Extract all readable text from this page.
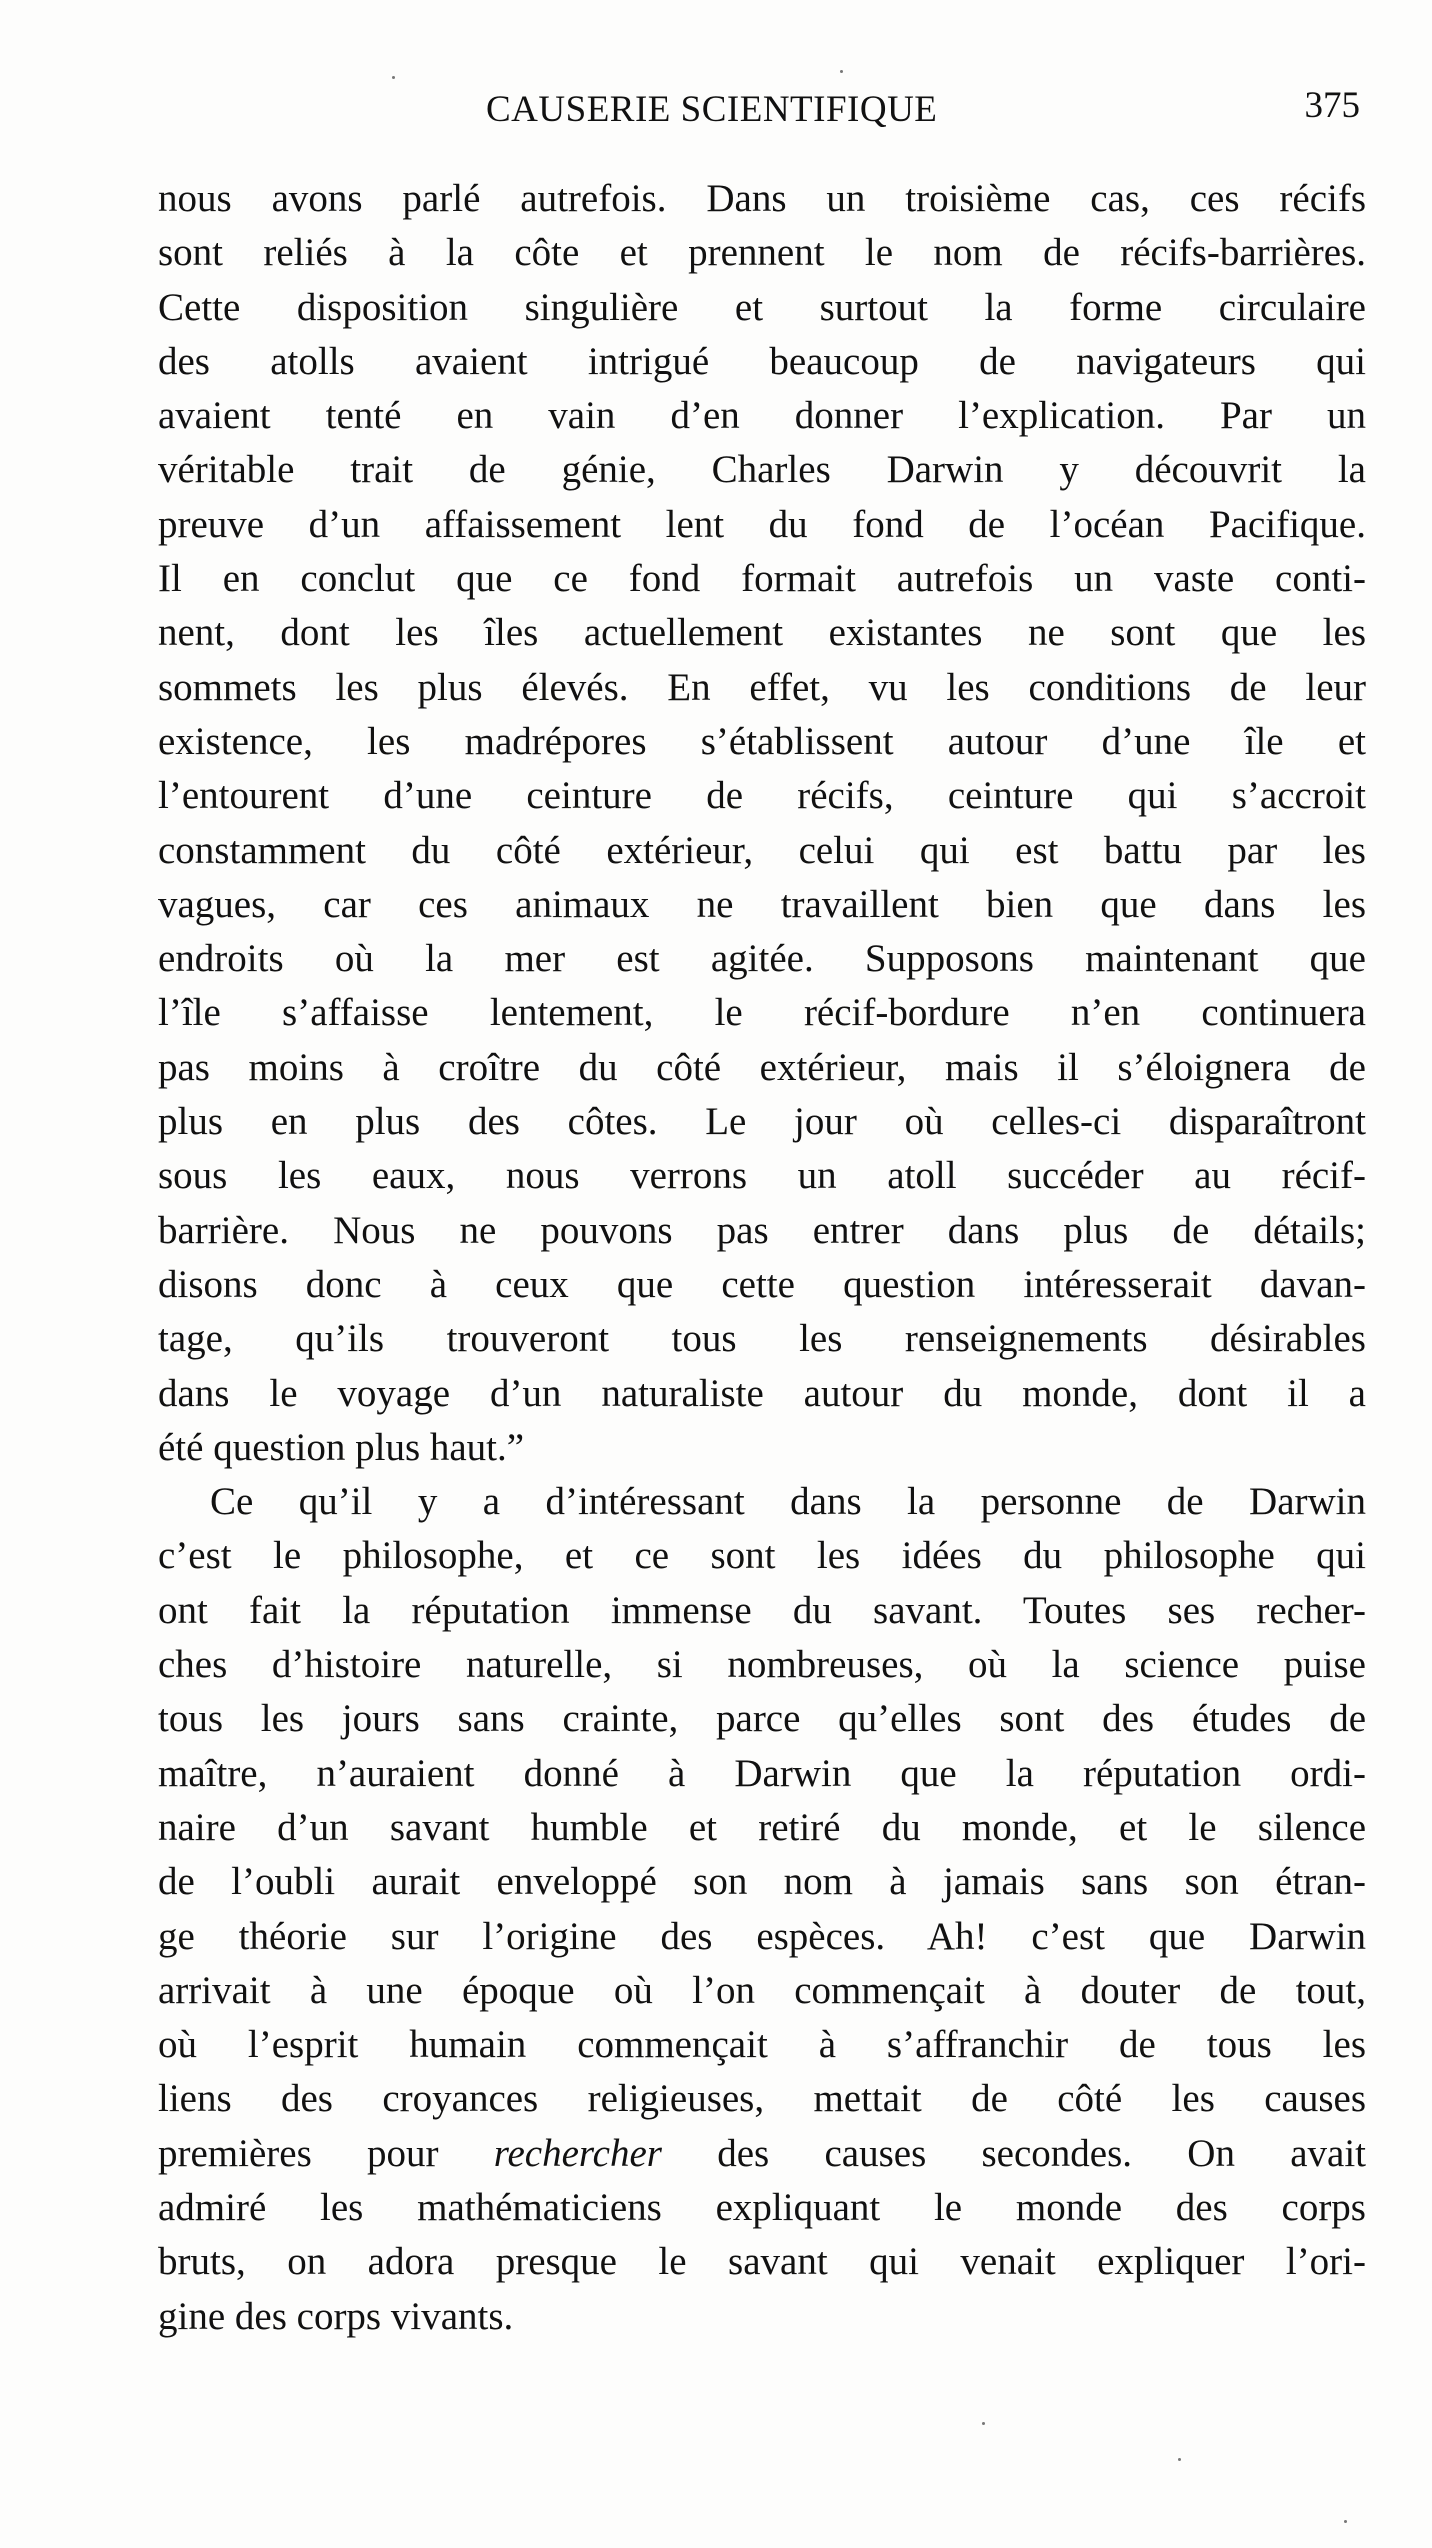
CAUSERIE SCIENTIFIQUE	375
nous avons parlé autrefois. Dans un troisième cas, ces récifs
sont reliés à la côte et prennent le nom de récifs-barrières.
Cette disposition singulière et surtout la forme circulaire
des atolls avaient intrigué beaucoup de navigateurs qui
avaient tenté en vain d’en donner l’explication. Par un
véritable trait de génie, Charles Darwin y découvrit la
preuve d’un affaissement lent du fond de l’océan Pacifique.
Il en conclut que ce fond formait autrefois un vaste conti-
nent, dont les îles actuellement existantes ne sont que les
sommets les plus élevés. En effet, vu les conditions de leur
existence, les madrépores s’établissent autour d’une île et
l’entourent d’une ceinture de récifs, ceinture qui s’accroit
constamment du côté extérieur, celui qui est battu par les
vagues, car ces animaux ne travaillent bien que dans les
endroits où la mer est agitée. Supposons maintenant que
l’île s’affaisse lentement, le récif-bordure n’en continuera
pas moins à croître du côté extérieur, mais il s’éloignera de
plus en plus des côtes. Le jour où celles-ci disparaîtront
sous les eaux, nous verrons un atoll succéder au récif-
barrière. Nous ne pouvons pas entrer dans plus de détails;
disons donc à ceux que cette question intéresserait davan-
tage, qu’ils trouveront tous les renseignements désirables
dans le voyage d’un naturaliste autour du monde, dont il a
été question plus haut.”
Ce qu’il y a d’intéressant dans la personne de Darwin
c’est le philosophe, et ce sont les idées du philosophe qui
ont fait la réputation immense du savant. Toutes ses recher-
ches d’histoire naturelle, si nombreuses, où la science puise
tous les jours sans crainte, parce qu’elles sont des études de
maître, n’auraient donné à Darwin que la réputation ordi-
naire d’un savant humble et retiré du monde, et le silence
de l’oubli aurait enveloppé son nom à jamais sans son étran-
ge théorie sur l’origine des espèces. Ah! c’est que Darwin
arrivait à une époque où l’on commençait à douter de tout,
où l’esprit humain commençait à s’affranchir de tous les
liens des croyances religieuses, mettait de côté les causes
premières pour rechercher des causes secondes. On avait
admiré les mathématiciens expliquant le monde des corps
bruts, on adora presque le savant qui venait expliquer l’ori-
gine des corps vivants.
